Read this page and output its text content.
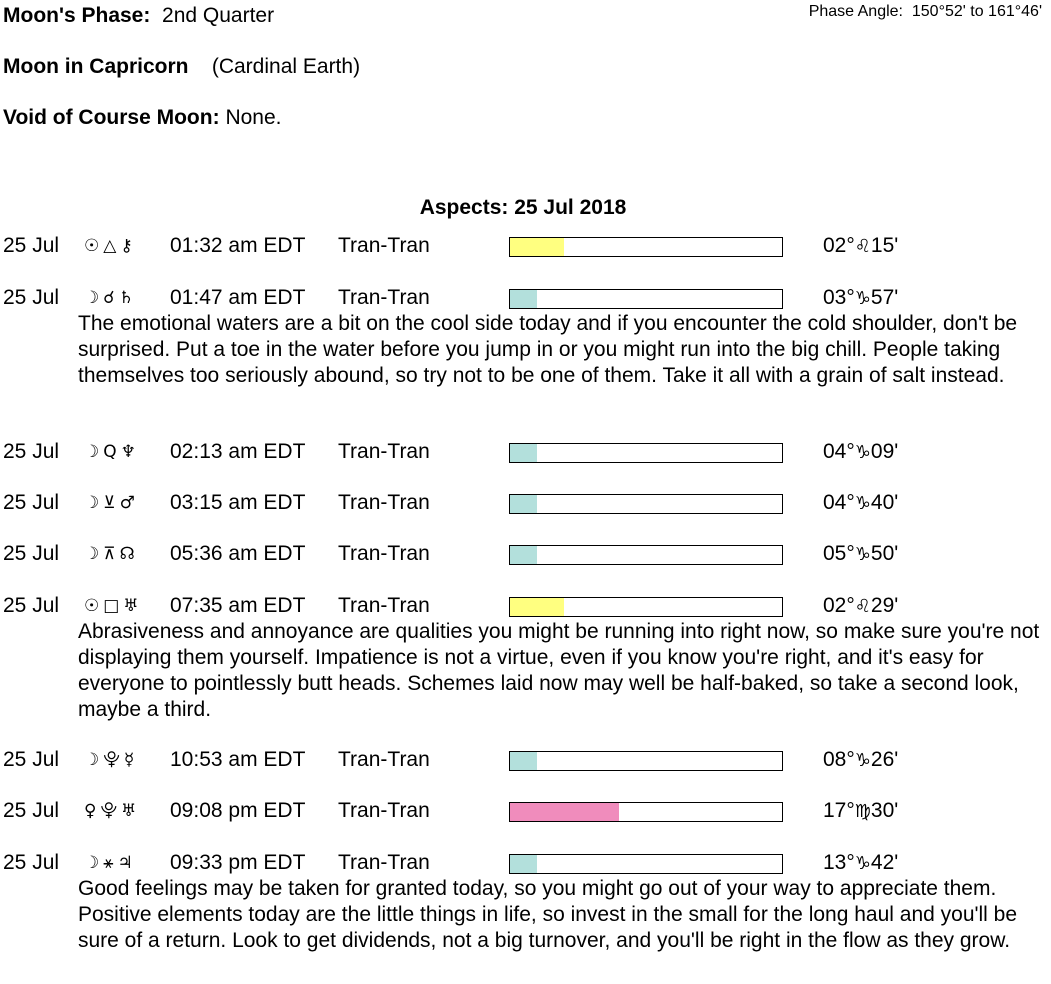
Moon's Phase: 2nd Quarter	Phase Angle: 150°52' to 161°46'
Moon in Capricorn (Cardinal Earth)
Void of Course Moon: None.
Aspects: 25 Jul 2018
25 Jul ☉△⚷ 01:32 am EDT Tran-Tran	02°♌15'
25 Jul ☽☌♄ 01:47 am EDT Tran-Tran	03°♑57'
The emotional waters are a bit on the cool side today and if you encounter the cold shoulder, don't be surprised. Put a toe in the water before you jump in or you might run into the big chill. People taking themselves too seriously abound, so try not to be one of them. Take it all with a grain of salt instead.
25 Jul ☽Q♆ 02:13 am EDT Tran-Tran	04°♑09'
25 Jul ☽⊻♂ 03:15 am EDT Tran-Tran	04°♑40'
25 Jul ☽⊼☊ 05:36 am EDT Tran-Tran	05°♑50'
25 Jul ☉□♅ 07:35 am EDT Tran-Tran	02°♌29'
Abrasiveness and annoyance are qualities you might be running into right now, so make sure you're not displaying them yourself. Impatience is not a virtue, even if you know you're right, and it's easy for everyone to pointlessly butt heads. Schemes laid now may well be half-baked, so take a second look, maybe a third.
25 Jul ☽⯓☿ 10:53 am EDT Tran-Tran	08°♑26'
25 Jul ♀⯓♅ 09:08 pm EDT Tran-Tran	17°♍30'
25 Jul ☽⚹♃ 09:33 pm EDT Tran-Tran	13°♑42'
Good feelings may be taken for granted today, so you might go out of your way to appreciate them. Positive elements today are the little things in life, so invest in the small for the long haul and you'll be sure of a return. Look to get dividends, not a big turnover, and you'll be right in the flow as they grow.
